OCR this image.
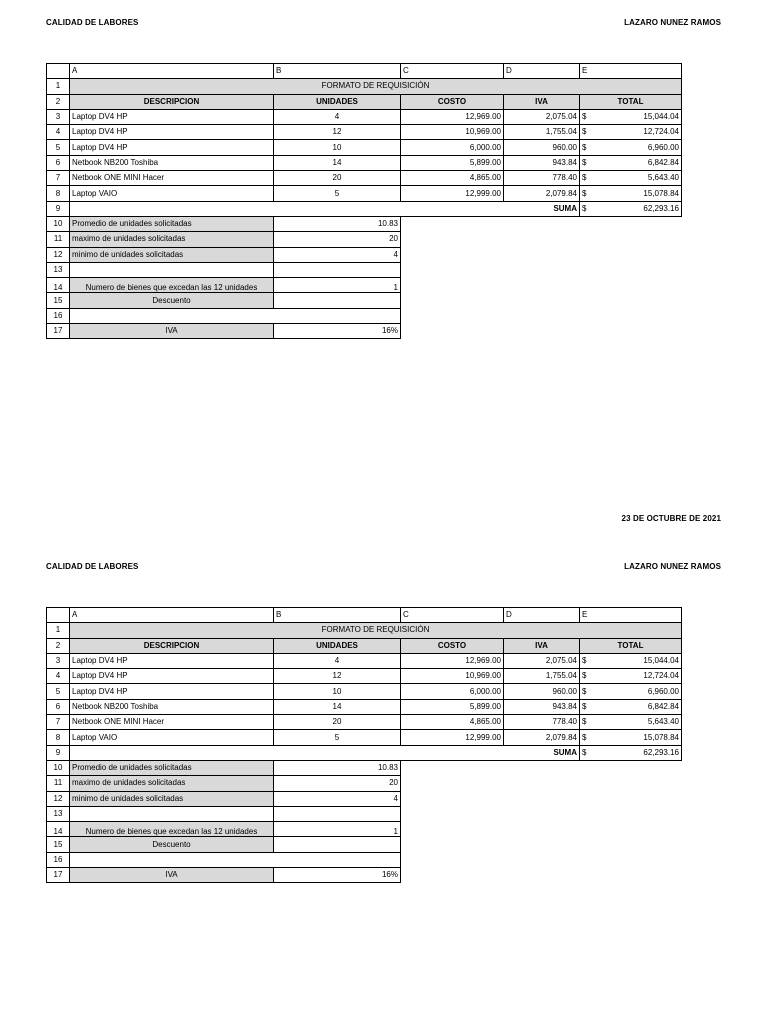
CALIDAD DE LABORES	LAZARO NUNEZ RAMOS
	A	B	C	D	E
1	FORMATO DE REQUISICIÓN				
2	DESCRIPCION	UNIDADES	COSTO	IVA	TOTAL
3	Laptop DV4 HP	4	12,969.00	2,075.04	$ 15,044.04

4	Laptop DV4 HP	12	10,969.00	1,755.04	$ 12,724.04

5	Laptop DV4 HP	10	6,000.00	960.00	$ 6,960.00

6	Netbook NB200 Toshiba	14	5,899.00	943.84	$ 6,842.84

7	Netbook ONE MINI Hacer	20	4,865.00	778.40	$ 5,643.40

8	Laptop VAIO	5	12,999.00	2,079.84	$ 15,078.84

9				SUMA	$ 62,293.16

10	Promedio de unidades solicitadas	10.83			
11	maximo de unidades solicitadas	20			
12	minimo de unidades solicitadas	4			
13					
14	Numero de bienes que excedan las 12 unidades	1			
15	Descuento				
16					
17	IVA	16%			
23 DE OCTUBRE DE 2021
CALIDAD DE LABORES	LAZARO NUNEZ RAMOS
	A	B	C	D	E
1	FORMATO DE REQUISICIÓN				
2	DESCRIPCION	UNIDADES	COSTO	IVA	TOTAL
3	Laptop DV4 HP	4	12,969.00	2,075.04	$ 15,044.04

4	Laptop DV4 HP	12	10,969.00	1,755.04	$ 12,724.04

5	Laptop DV4 HP	10	6,000.00	960.00	$ 6,960.00

6	Netbook NB200 Toshiba	14	5,899.00	943.84	$ 6,842.84

7	Netbook ONE MINI Hacer	20	4,865.00	778.40	$ 5,643.40

8	Laptop VAIO	5	12,999.00	2,079.84	$ 15,078.84

9				SUMA	$ 62,293.16

10	Promedio de unidades solicitadas	10.83			
11	maximo de unidades solicitadas	20			
12	minimo de unidades solicitadas	4			
13					
14	Numero de bienes que excedan las 12 unidades	1			
15	Descuento				
16					
17	IVA	16%			
